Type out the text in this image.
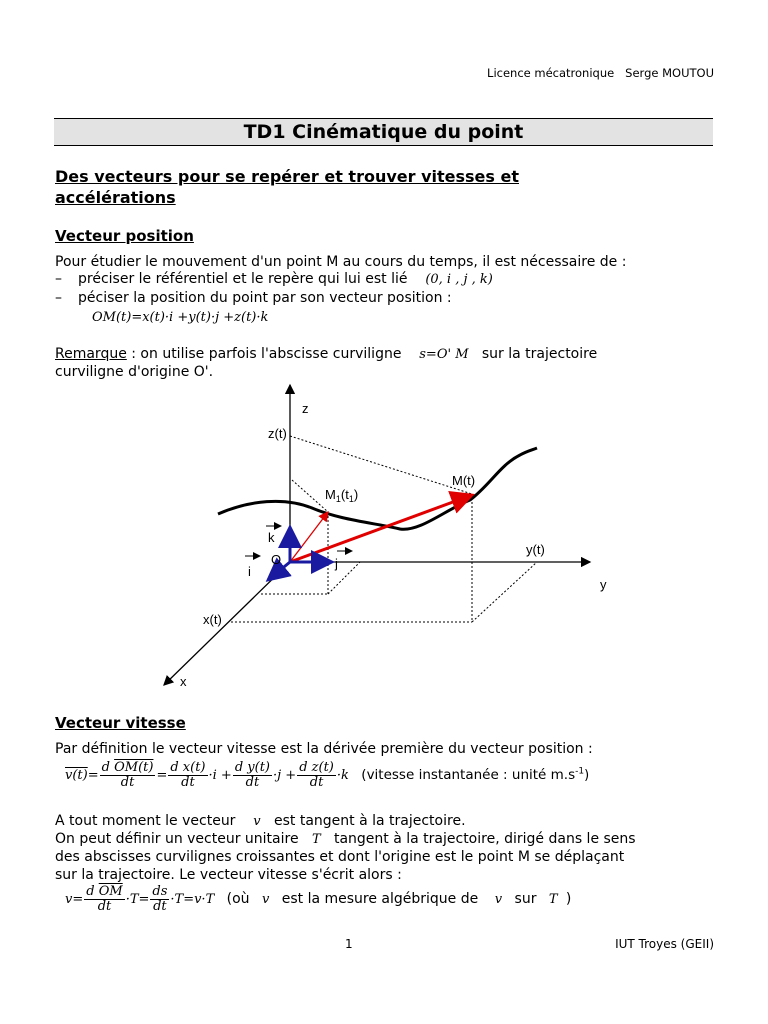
Licence mécatronique Serge MOUTOU
TD1 Cinématique du point
Des vecteurs pour se repérer et trouver vitesses et accélérations
Vecteur position
Pour étudier le mouvement d'un point M au cours du temps, il est nécessaire de :
– préciser le référentiel et le repère qui lui est lié (0, i , j , k)
– péciser la position du point par son vecteur position :
OM(t)=x(t)·i +y(t)·j +z(t)·k
Remarque : on utilise parfois l'abscisse curviligne s=O' M sur la trajectoire
curviligne d'origine O'.
z
z(t)
M(t)
$M_1(t_1)$
k
O
i
j
y(t)
y
x(t)
x
Vecteur vitesse
Par définition le vecteur vitesse est la dérivée première du vecteur position :
$v(t)= \frac{\text{d OM(t)}}{dt} = \frac{\text{d x(t)}}{dt} \cdot i + \frac{\text{d y(t)}}{dt} \cdot j + \frac{\text{d z(t)}}{dt} \cdot k$ (vitesse instantanée : unité $m.s^{-1}$)
A tout moment le vecteur v est tangent à la trajectoire.
On peut définir un vecteur unitaire T tangent à la trajectoire, dirigé dans le sens
des abscisses curvilignes croissantes et dont l'origine est le point M se déplaçant
sur la trajectoire. Le vecteur vitesse s'écrit alors :
$v= \frac{d \overline{OM}}{dt} \cdot T= \frac{ds}{dt} \cdot T=v\cdot T$ (où v est la mesure algébrique de v sur T )
1	IUT Troyes (GEII)
